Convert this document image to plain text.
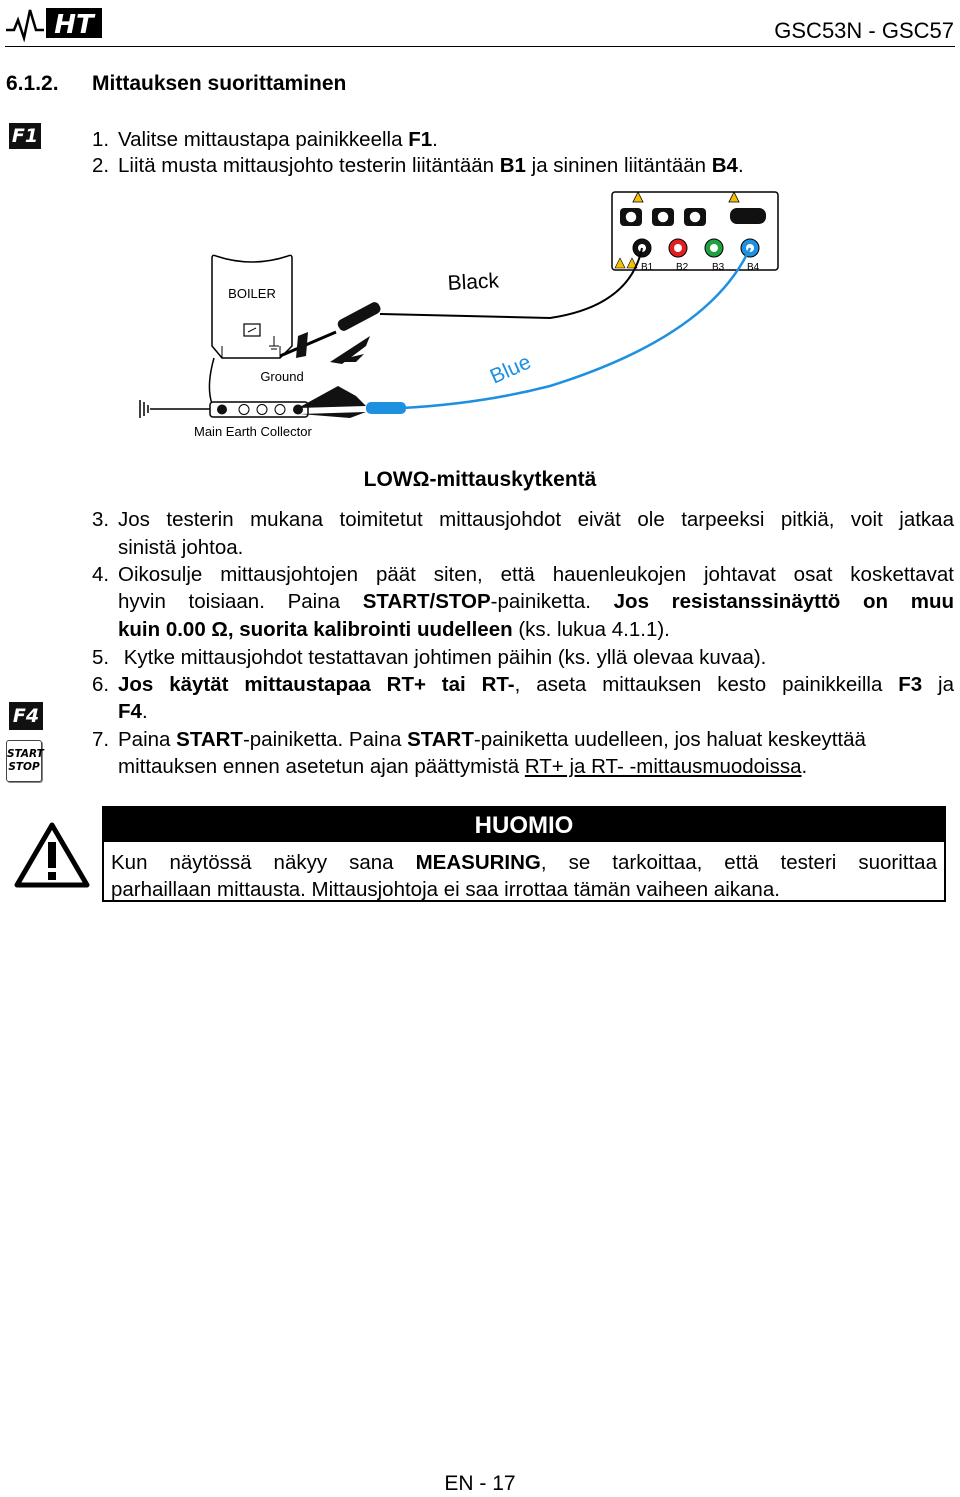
HT	GSC53N - GSC57
6.1.2. Mittauksen suorittaminen
F1
F4
START
STOP
1. Valitse mittaustapa painikkeella F1.
2. Liitä musta mittausjohto testerin liitäntään B1 ja sininen liitäntään B4.
B1 B2 B3 B4
BOILER
Ground
Main Earth Collector
Black
Blue
LOWΩ-mittauskytkentä
3. Jos testerin mukana toimitetut mittausjohdot eivät ole tarpeeksi pitkiä, voit jatkaa
sinistä johtoa.
4. Oikosulje mittausjohtojen päät siten, että hauenleukojen johtavat osat koskettavat
hyvin toisiaan. Paina START/STOP-painiketta. Jos resistanssinäyttö on muu
kuin 0.00 Ω, suorita kalibrointi uudelleen (ks. lukua 4.1.1).
5. Kytke mittausjohdot testattavan johtimen päihin (ks. yllä olevaa kuvaa).
6. Jos käytät mittaustapaa RT+ tai RT-, aseta mittauksen kesto painikkeilla F3 ja
F4.
7. Paina START-painiketta. Paina START-painiketta uudelleen, jos haluat keskeyttää
mittauksen ennen asetetun ajan päättymistä RT+ ja RT- -mittausmuodoissa.
HUOMIO
Kun näytössä näkyy sana MEASURING, se tarkoittaa, että testeri suorittaa
parhaillaan mittausta. Mittausjohtoja ei saa irrottaa tämän vaiheen aikana.
EN - 17
